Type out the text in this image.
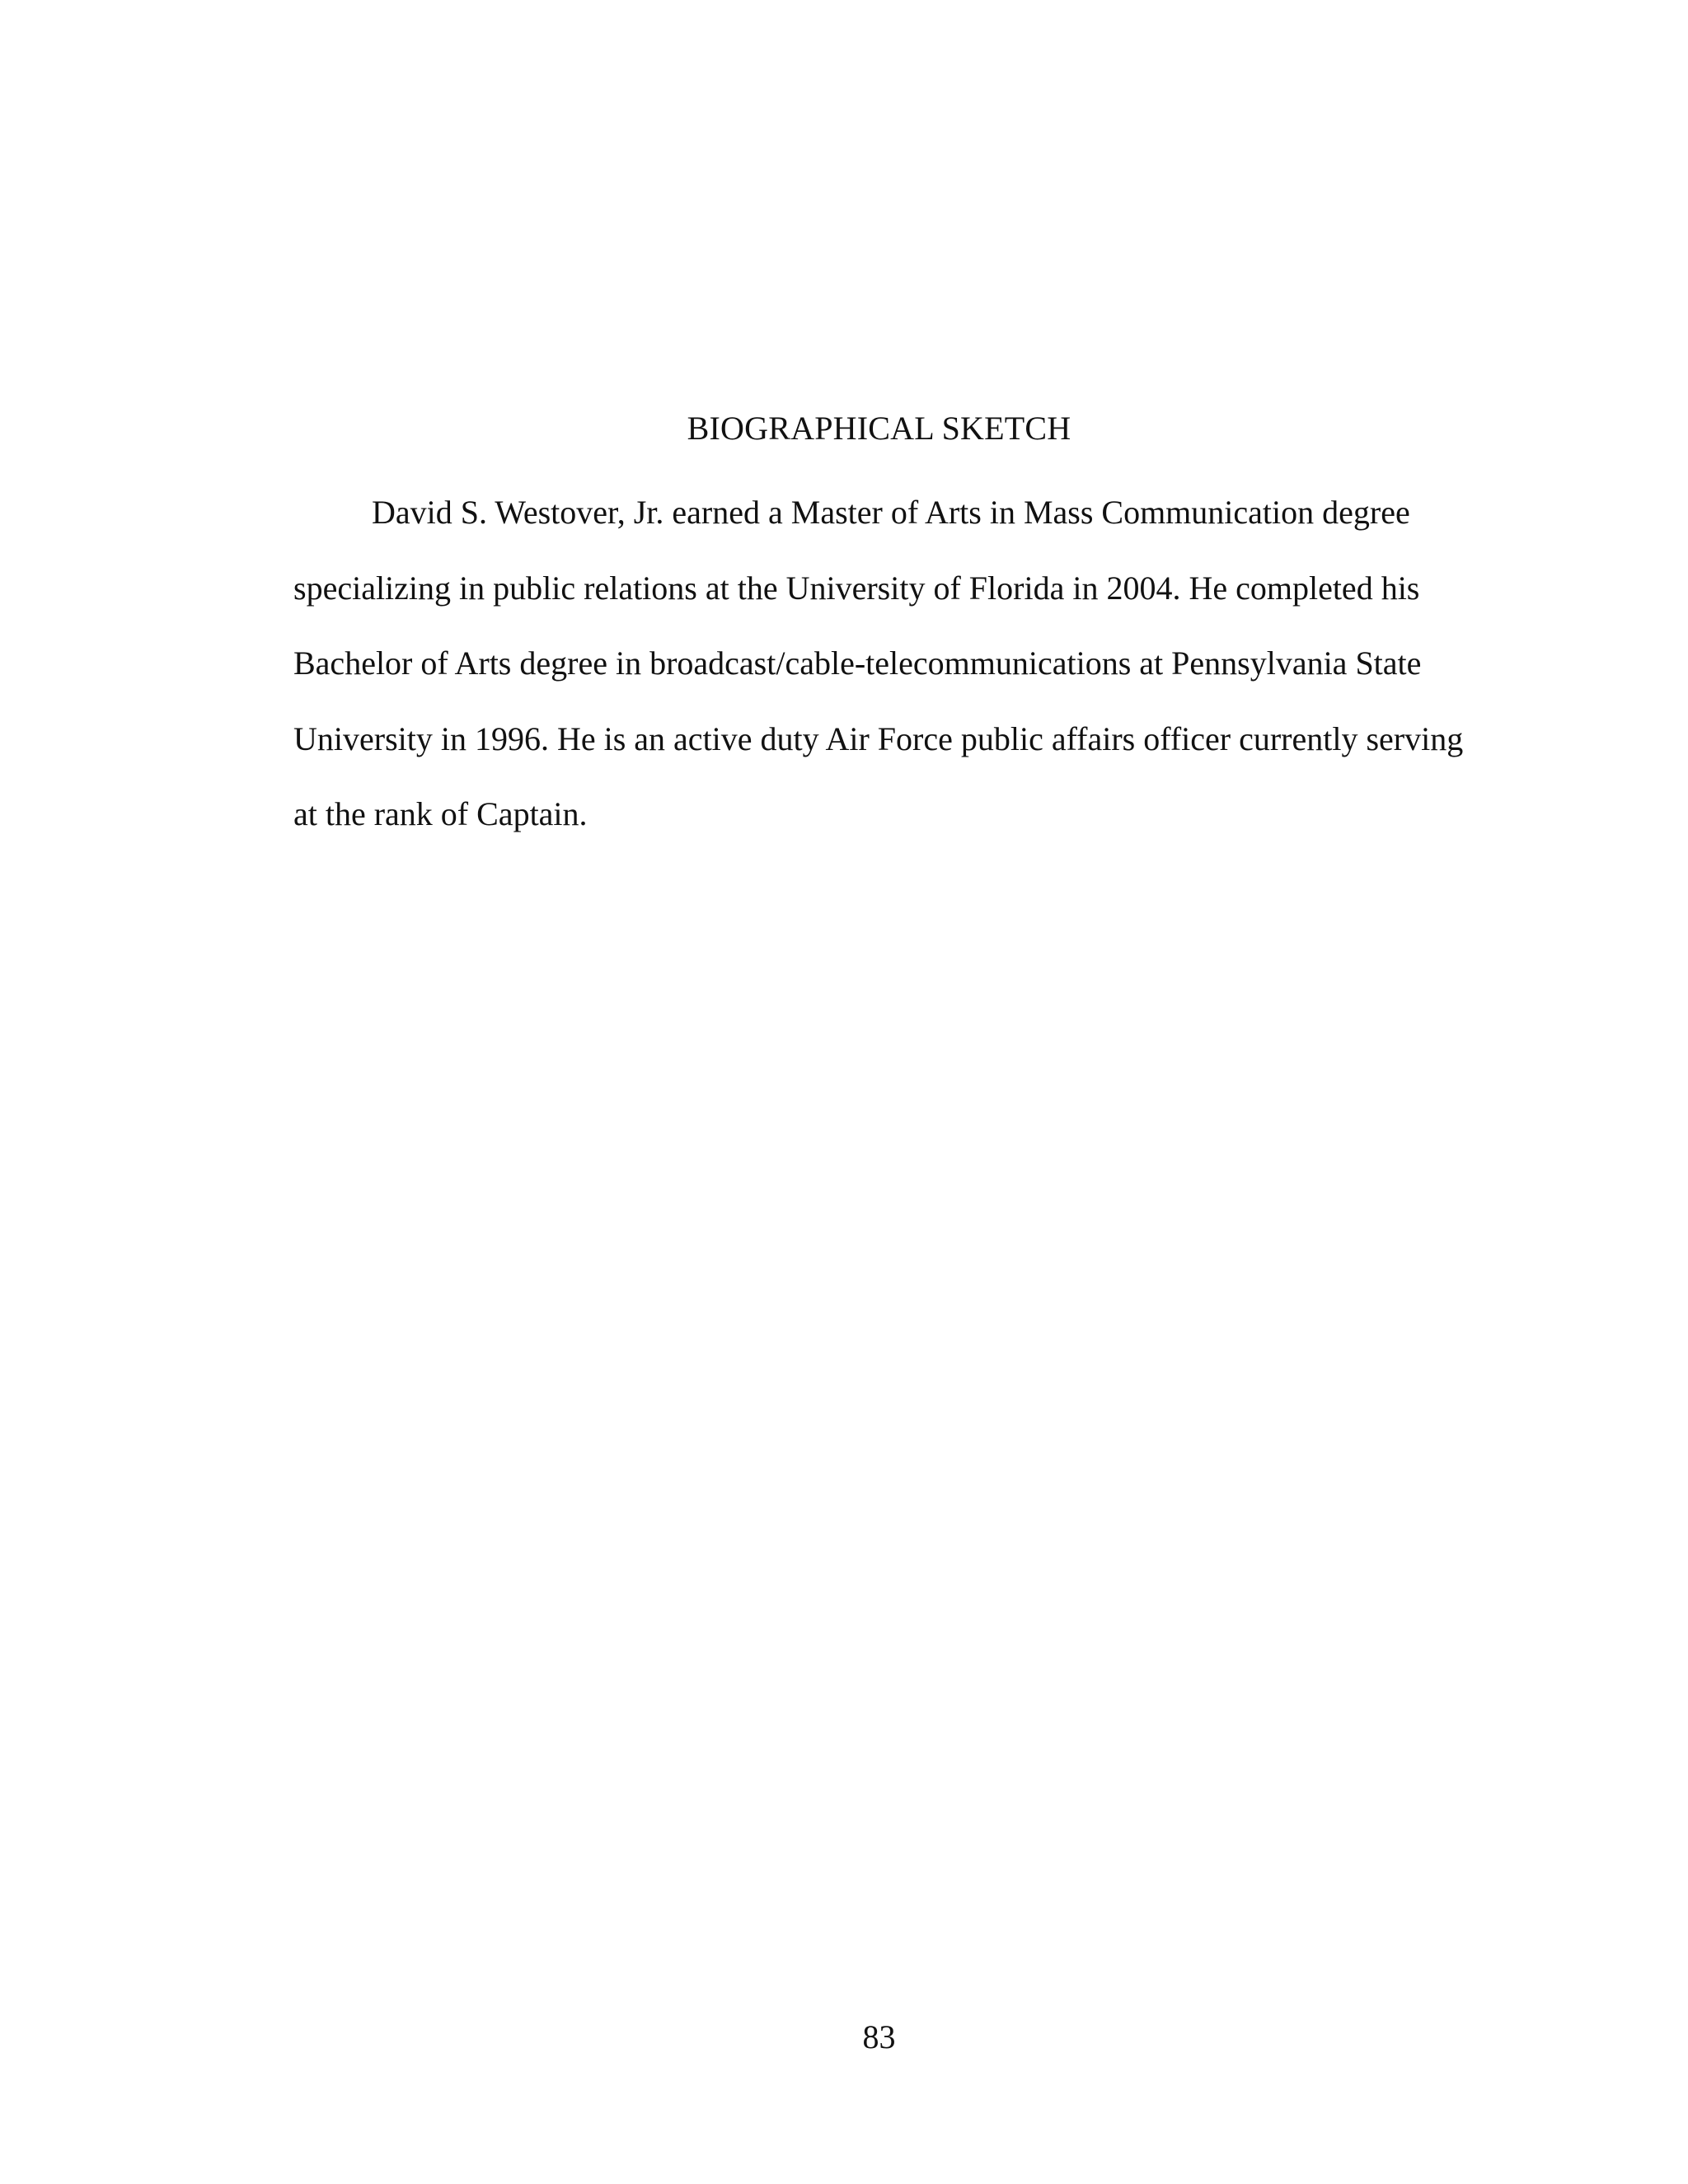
BIOGRAPHICAL SKETCH

David S. Westover, Jr. earned a Master of Arts in Mass Communication degree
specializing in public relations at the University of Florida in 2004. He completed his
Bachelor of Arts degree in broadcast/cable-telecommunications at Pennsylvania State
University in 1996. He is an active duty Air Force public affairs officer currently serving
at the rank of Captain.

83
